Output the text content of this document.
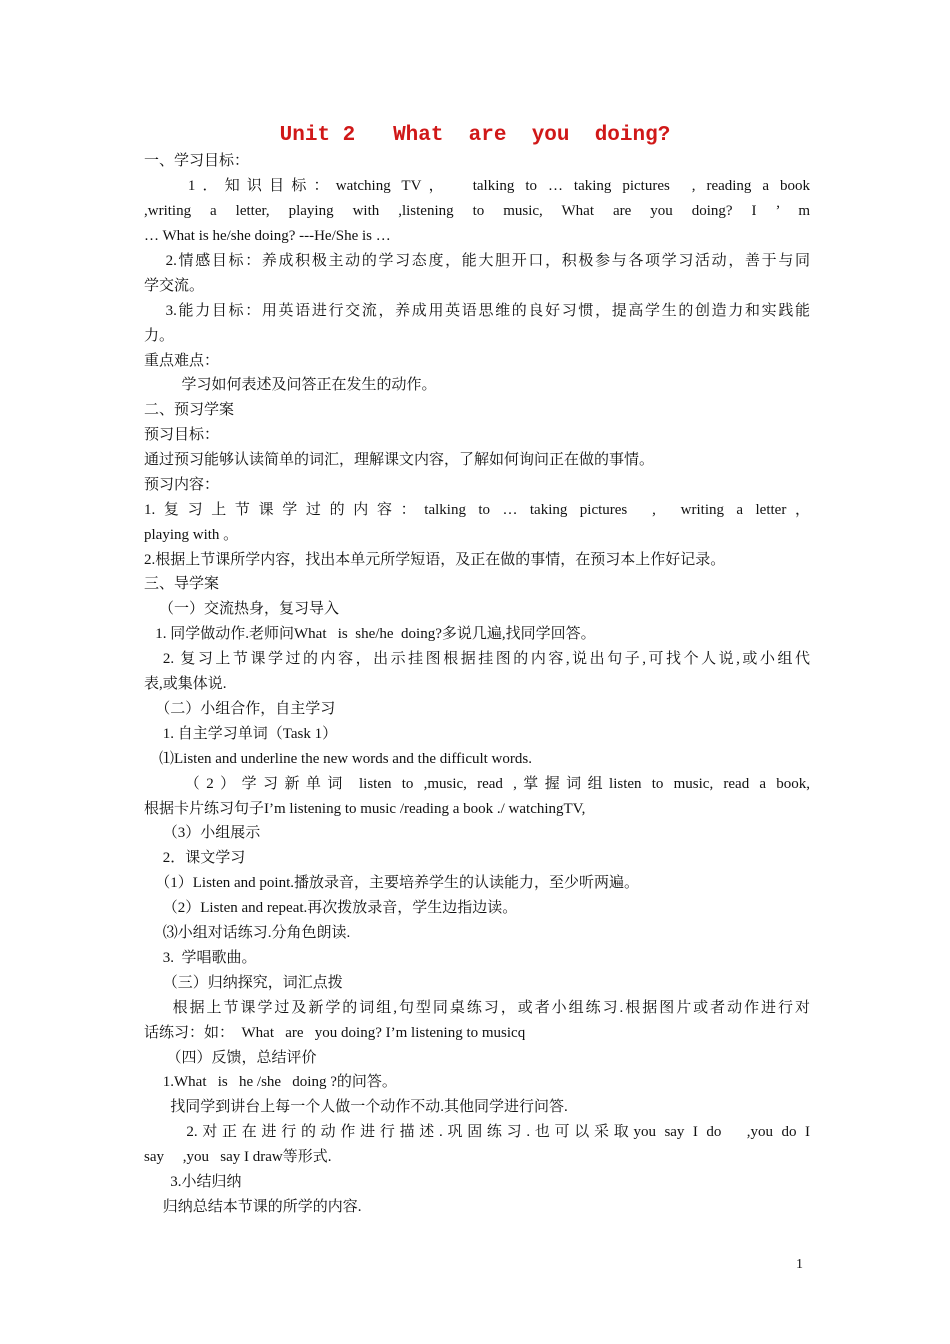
Unit 2   What  are  you  doing?
一、学习目标：
1．知识目标：watching TV，  talking to … taking pictures  , reading a book
,writing a letter, playing with ,listening to music, What are you doing? I ’ m
… What is he/she doing? ---He/She is …
2.情感目标：养成积极主动的学习态度，能大胆开口，积极参与各项学习活动，善于与同
学交流。
3.能力目标：用英语进行交流，养成用英语思维的良好习惯，提高学生的创造力和实践能
力。
重点难点：
学习如何表述及问答正在发生的动作。
二、预习学案
预习目标：
通过预习能够认读简单的词汇，理解课文内容，了解如何询问正在做的事情。
预习内容：
1.复习上节课学过的内容：talking to … taking pictures  ,  writing a letter，
playing with 。
2.根据上节课所学内容，找出本单元所学短语，及正在做的事情，在预习本上作好记录。
三、导学案
（一）交流热身，复习导入
1. 同学做动作.老师问What   is  she/he  doing?多说几遍,找同学回答。
2. 复习上节课学过的内容，出示挂图根据挂图的内容,说出句子,可找个人说,或小组代
表,或集体说.
（二）小组合作，自主学习
1. 自主学习单词（Task 1）
⑴Listen and underline the new words and the difficult words.
（2）学习新单词 listen to ,music, read ,掌握词组listen to music, read a book,
根据卡片练习句子I’m listening to music /reading a book ./ watchingTV,
（3）小组展示
2．课文学习
（1）Listen and point.播放录音，主要培养学生的认读能力，至少听两遍。
（2）Listen and repeat.再次拨放录音，学生边指边读。
⑶小组对话练习.分角色朗读.
3.  学唱歌曲。
（三）归纳探究，词汇点拨
根据上节课学过及新学的词组,句型同桌练习，或者小组练习.根据图片或者动作进行对
话练习：如：  What   are   you doing? I’m listening to musicq
（四）反馈，总结评价
1.What   is   he /she   doing ?的问答。
找同学到讲台上每一个人做一个动作不动.其他同学进行问答.
2.对正在进行的动作进行描述.巩固练习.也可以采取you say I do   ,you do I
say     ,you   say I draw等形式.
3.小结归纳
归纳总结本节课的所学的内容.
1
